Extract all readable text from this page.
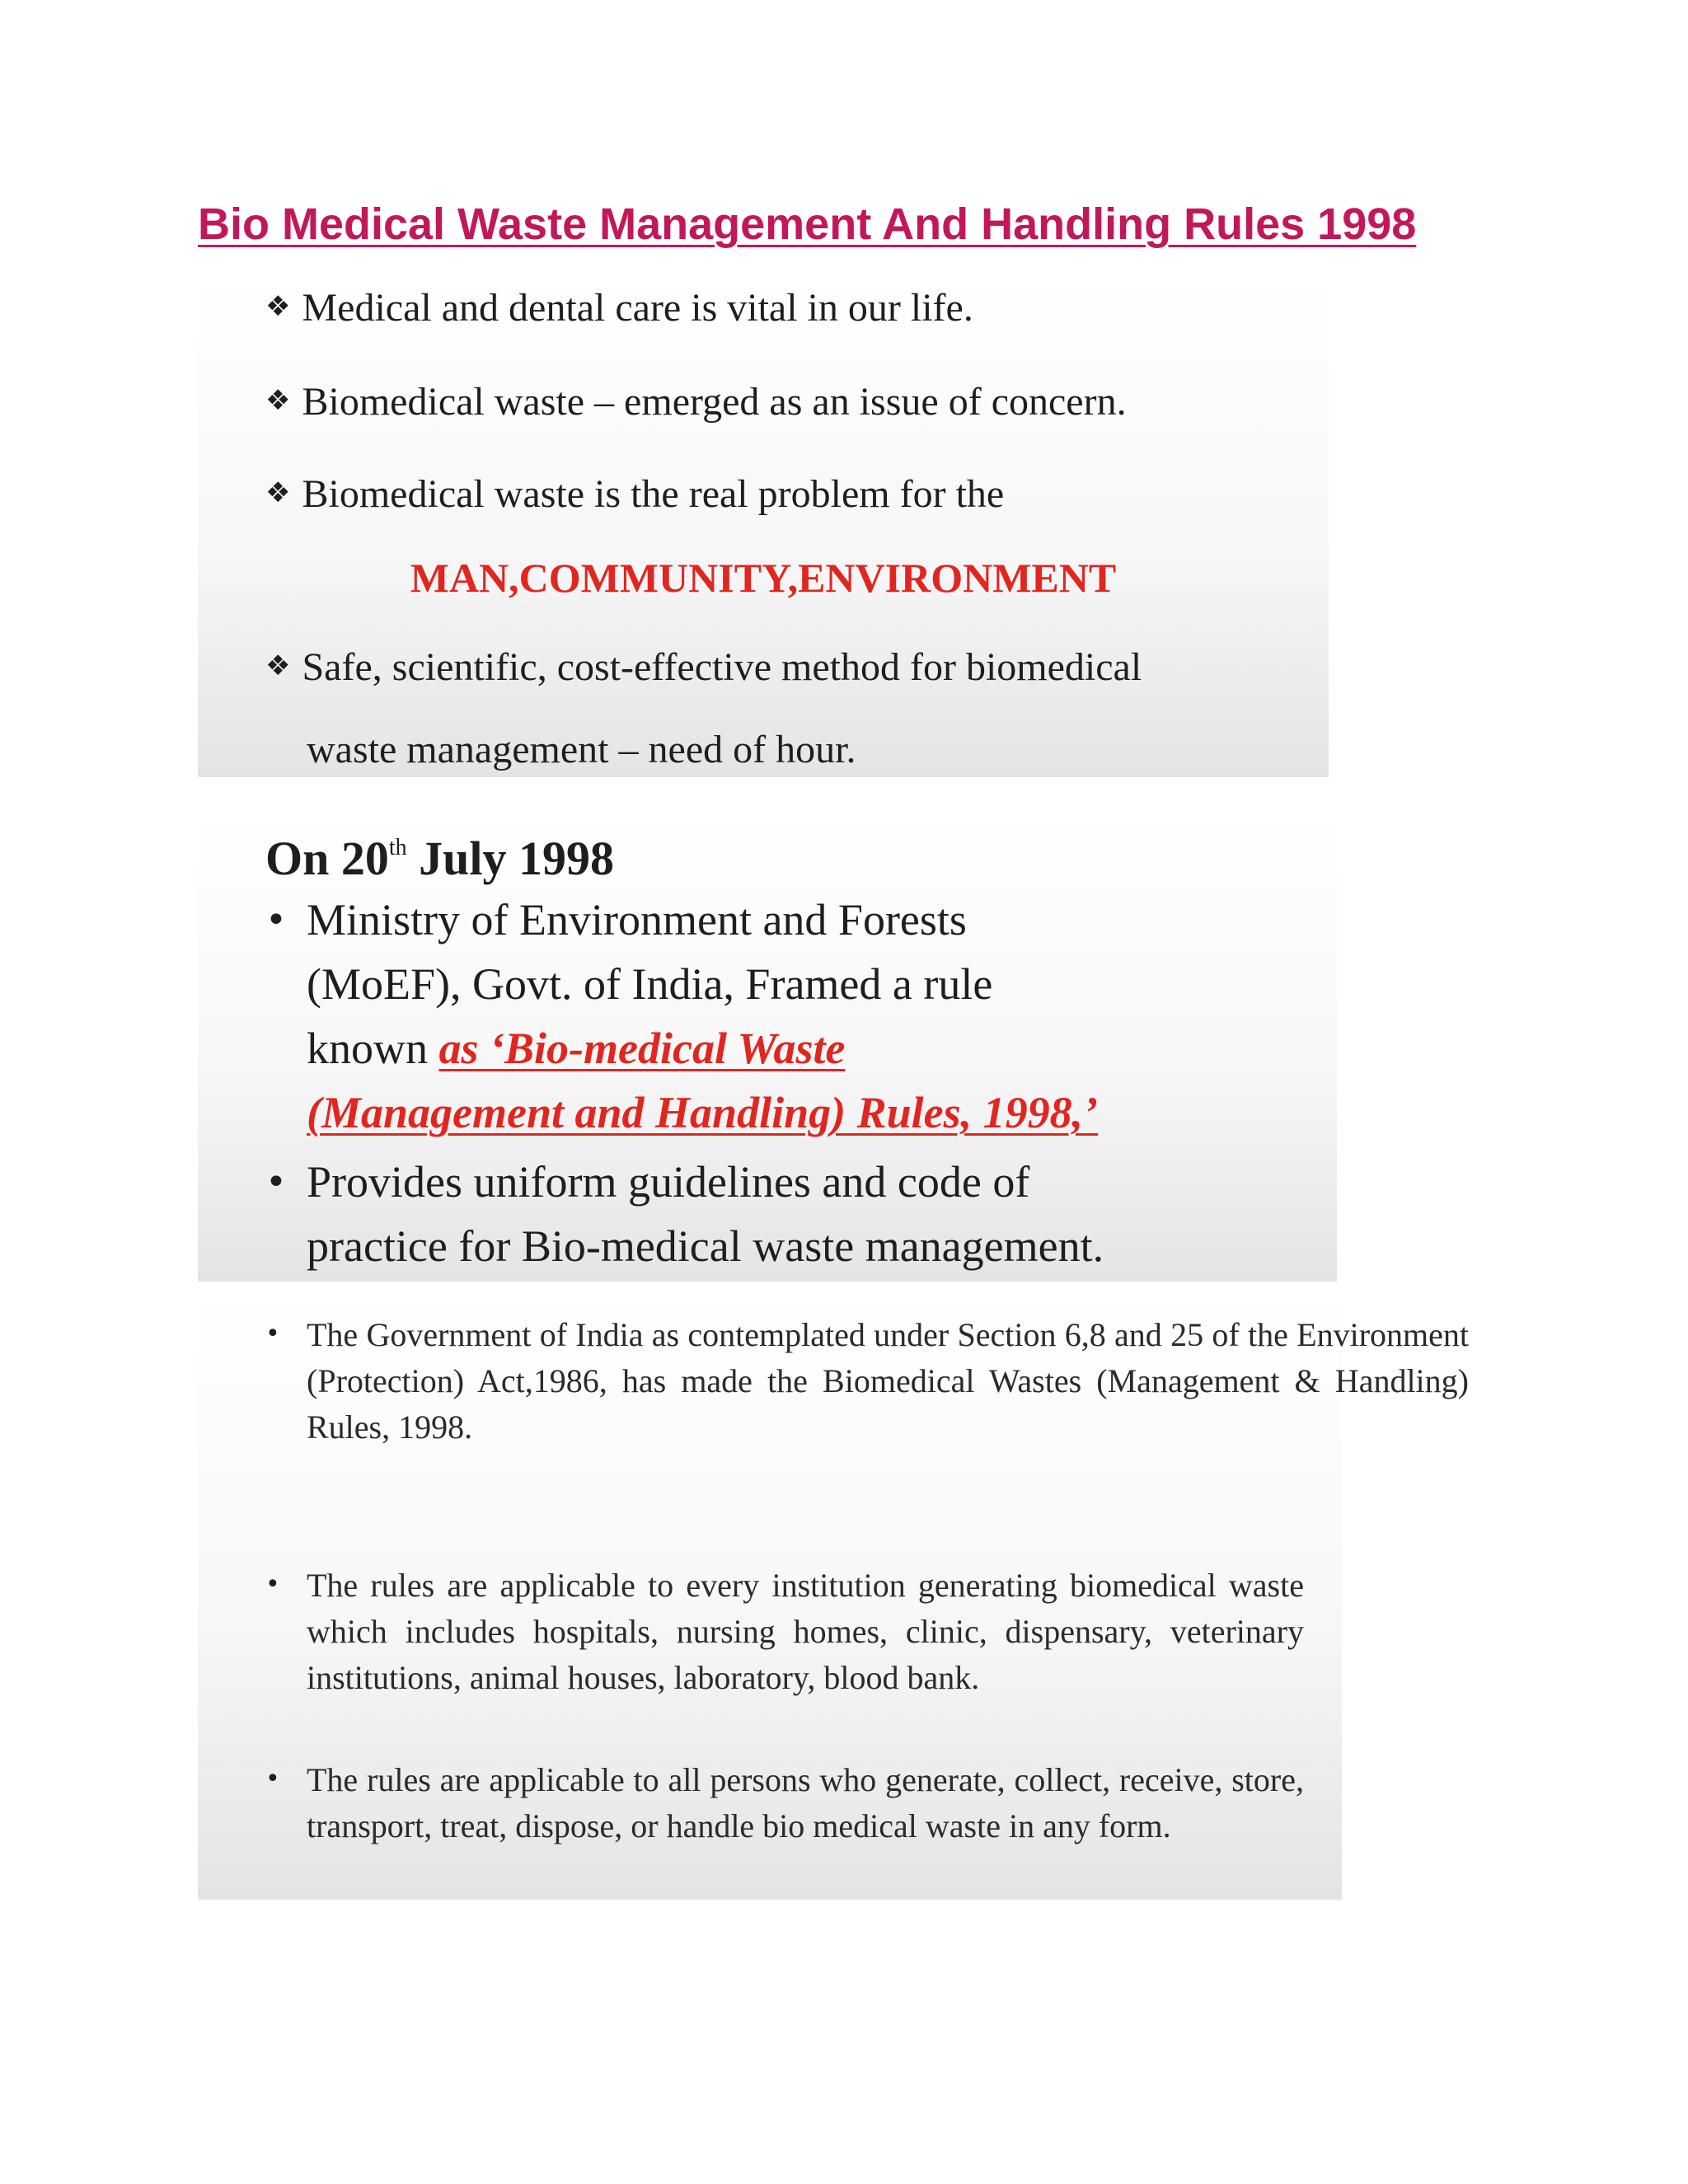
Bio Medical Waste Management And Handling Rules 1998
❖ Medical and dental care is vital in our life.
❖ Biomedical waste – emerged as an issue of concern.
❖ Biomedical waste is the real problem for the
MAN,COMMUNITY,ENVIRONMENT
❖ Safe, scientific, cost-effective method for biomedical
waste management – need of hour.
On 20th July 1998
• Ministry of Environment and Forests
(MoEF), Govt. of India, Framed a rule
known as ‘Bio-medical Waste
(Management and Handling) Rules, 1998,’
• Provides uniform guidelines and code of
practice for Bio-medical waste management.
• The Government of India as contemplated under Section 6,8 and 25 of the Environment (Protection) Act,1986, has made the Biomedical Wastes (Management & Handling) Rules, 1998.
• The rules are applicable to every institution generating biomedical waste which includes hospitals, nursing homes, clinic, dispensary, veterinary institutions, animal houses, laboratory, blood bank.
• The rules are applicable to all persons who generate, collect, receive, store, transport, treat, dispose, or handle bio medical waste in any form.
